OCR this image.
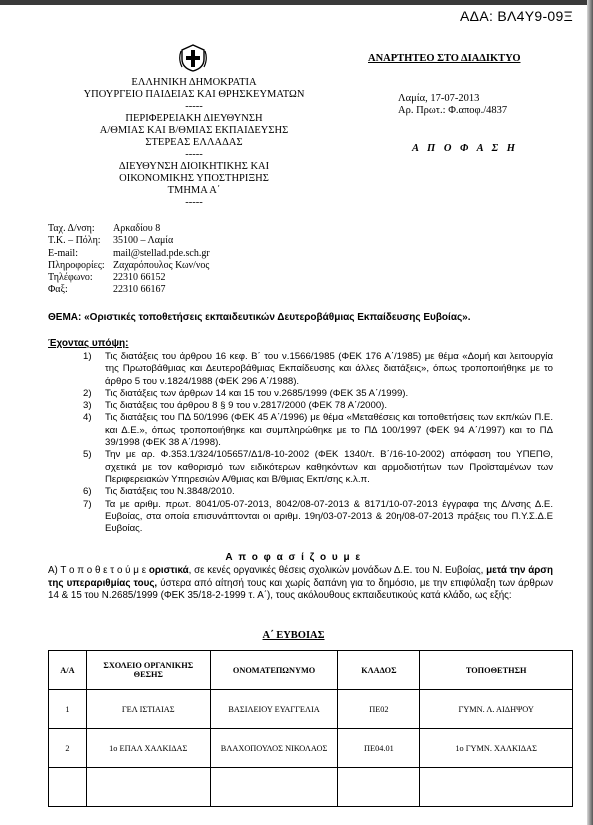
ΑΔΑ: ΒΛ4Υ9-09Ξ
ΕΛΛΗΝΙΚΗ ΔΗΜΟΚΡΑΤΙΑ
ΥΠΟΥΡΓΕΙΟ ΠΑΙΔΕΙΑΣ ΚΑΙ ΘΡΗΣΚΕΥΜΑΤΩΝ
-----
ΠΕΡΙΦΕΡΕΙΑΚΗ ΔΙΕΥΘΥΝΣΗ
Α/ΘΜΙΑΣ ΚΑΙ Β/ΘΜΙΑΣ ΕΚΠΑΙΔΕΥΣΗΣ
ΣΤΕΡΕΑΣ ΕΛΛΑΔΑΣ
-----
ΔΙΕΥΘΥΝΣΗ ΔΙΟΙΚΗΤΙΚΗΣ ΚΑΙ
ΟΙΚΟΝΟΜΙΚΗΣ ΥΠΟΣΤΗΡΙΞΗΣ
ΤΜΗΜΑ Α΄
-----
ΑΝΑΡΤΗΤΕΟ ΣΤΟ ΔΙΑΔΙΚΤΥΟ
Λαμία, 17-07-2013
Αρ. Πρωτ.: Φ.αποφ./4837
Α Π Ο Φ Α Σ Η
Ταχ. Δ/νση:	Αρκαδίου 8
Τ.Κ. – Πόλη:	35100 – Λαμία
E-mail:	mail@stellad.pde.sch.gr
Πληροφορίες: Ζαχαρόπουλος Κων/νος
Τηλέφωνο:	22310 66152
Φαξ:	22310 66167
ΘΕΜΑ: «Οριστικές τοποθετήσεις εκπαιδευτικών Δευτεροβάθμιας Εκπαίδευσης Ευβοίας».
Έχοντας υπόψη:
1)	Τις διατάξεις του άρθρου 16 κεφ. Β΄ του ν.1566/1985 (ΦΕΚ 176 Α΄/1985) με θέμα «Δομή και λειτουργία της Πρωτοβάθμιας και Δευτεροβάθμιας Εκπαίδευσης και άλλες διατάξεις», όπως τροποποιήθηκε με το άρθρο 5 του ν.1824/1988 (ΦΕΚ 296 Α΄/1988).
2)	Τις διατάξεις των άρθρων 14 και 15 του ν.2685/1999 (ΦΕΚ 35 Α΄/1999).
3)	Τις διατάξεις του άρθρου 8 § 9 του ν.2817/2000 (ΦΕΚ 78 Α΄/2000).
4)	Τις διατάξεις του ΠΔ 50/1996 (ΦΕΚ 45 Α΄/1996) με θέμα «Μεταθέσεις και τοποθετήσεις των εκπ/κών Π.Ε. και Δ.Ε.», όπως τροποποιήθηκε και συμπληρώθηκε με το ΠΔ 100/1997 (ΦΕΚ 94 Α΄/1997) και το ΠΔ 39/1998 (ΦΕΚ 38 Α΄/1998).
5)	Την με αρ. Φ.353.1/324/105657/Δ1/8-10-2002 (ΦΕΚ 1340/τ. Β΄/16-10-2002) απόφαση του ΥΠΕΠΘ, σχετικά με τον καθορισμό των ειδικότερων καθηκόντων και αρμοδιοτήτων των Προϊσταμένων των Περιφερειακών Υπηρεσιών Α/θμιας και Β/θμιας Εκπ/σης κ.λ.π.
6)	Τις διατάξεις του Ν.3848/2010.
7)	Τα με αριθμ. πρωτ. 8041/05-07-2013, 8042/08-07-2013 & 8171/10-07-2013 έγγραφα της Δ/νσης Δ.Ε. Ευβοίας, στα οποία επισυνάπτονται οι αριθμ. 19η/03-07-2013 & 20η/08-07-2013 πράξεις του Π.Υ.Σ.Δ.Ε Ευβοίας.
Α π ο φ α σ ί ζ ο υ μ ε
Α) Τ ο π ο θ ε τ ο ύ μ ε οριστικά, σε κενές οργανικές θέσεις σχολικών μονάδων Δ.Ε. του Ν. Ευβοίας, μετά την άρση της υπεραριθμίας τους, ύστερα από αίτησή τους και χωρίς δαπάνη για το δημόσιο, με την επιφύλαξη των άρθρων 14 & 15 του Ν.2685/1999 (ΦΕΚ 35/18-2-1999 τ. Α΄), τους ακόλουθους εκπαιδευτικούς κατά κλάδο, ως εξής:
Α΄ ΕΥΒΟΙΑΣ
Α/Α	ΣΧΟΛΕΙΟ ΟΡΓΑΝΙΚΗΣ ΘΕΣΗΣ	ΟΝΟΜΑΤΕΠΩΝΥΜΟ	ΚΛΑΔΟΣ	ΤΟΠΟΘΕΤΗΣΗ
1	ΓΕΛ ΙΣΤΙΑΙΑΣ	ΒΑΣΙΛΕΙΟΥ ΕΥΑΓΓΕΛΙΑ	ΠΕ02	ΓΥΜΝ. Λ. ΑΙΔΗΨΟΥ
2	1ο ΕΠΑΛ ΧΑΛΚΙΔΑΣ	ΒΛΑΧΟΠΟΥΛΟΣ ΝΙΚΟΛΑΟΣ	ΠΕ04.01	1ο ΓΥΜΝ. ΧΑΛΚΙΔΑΣ
